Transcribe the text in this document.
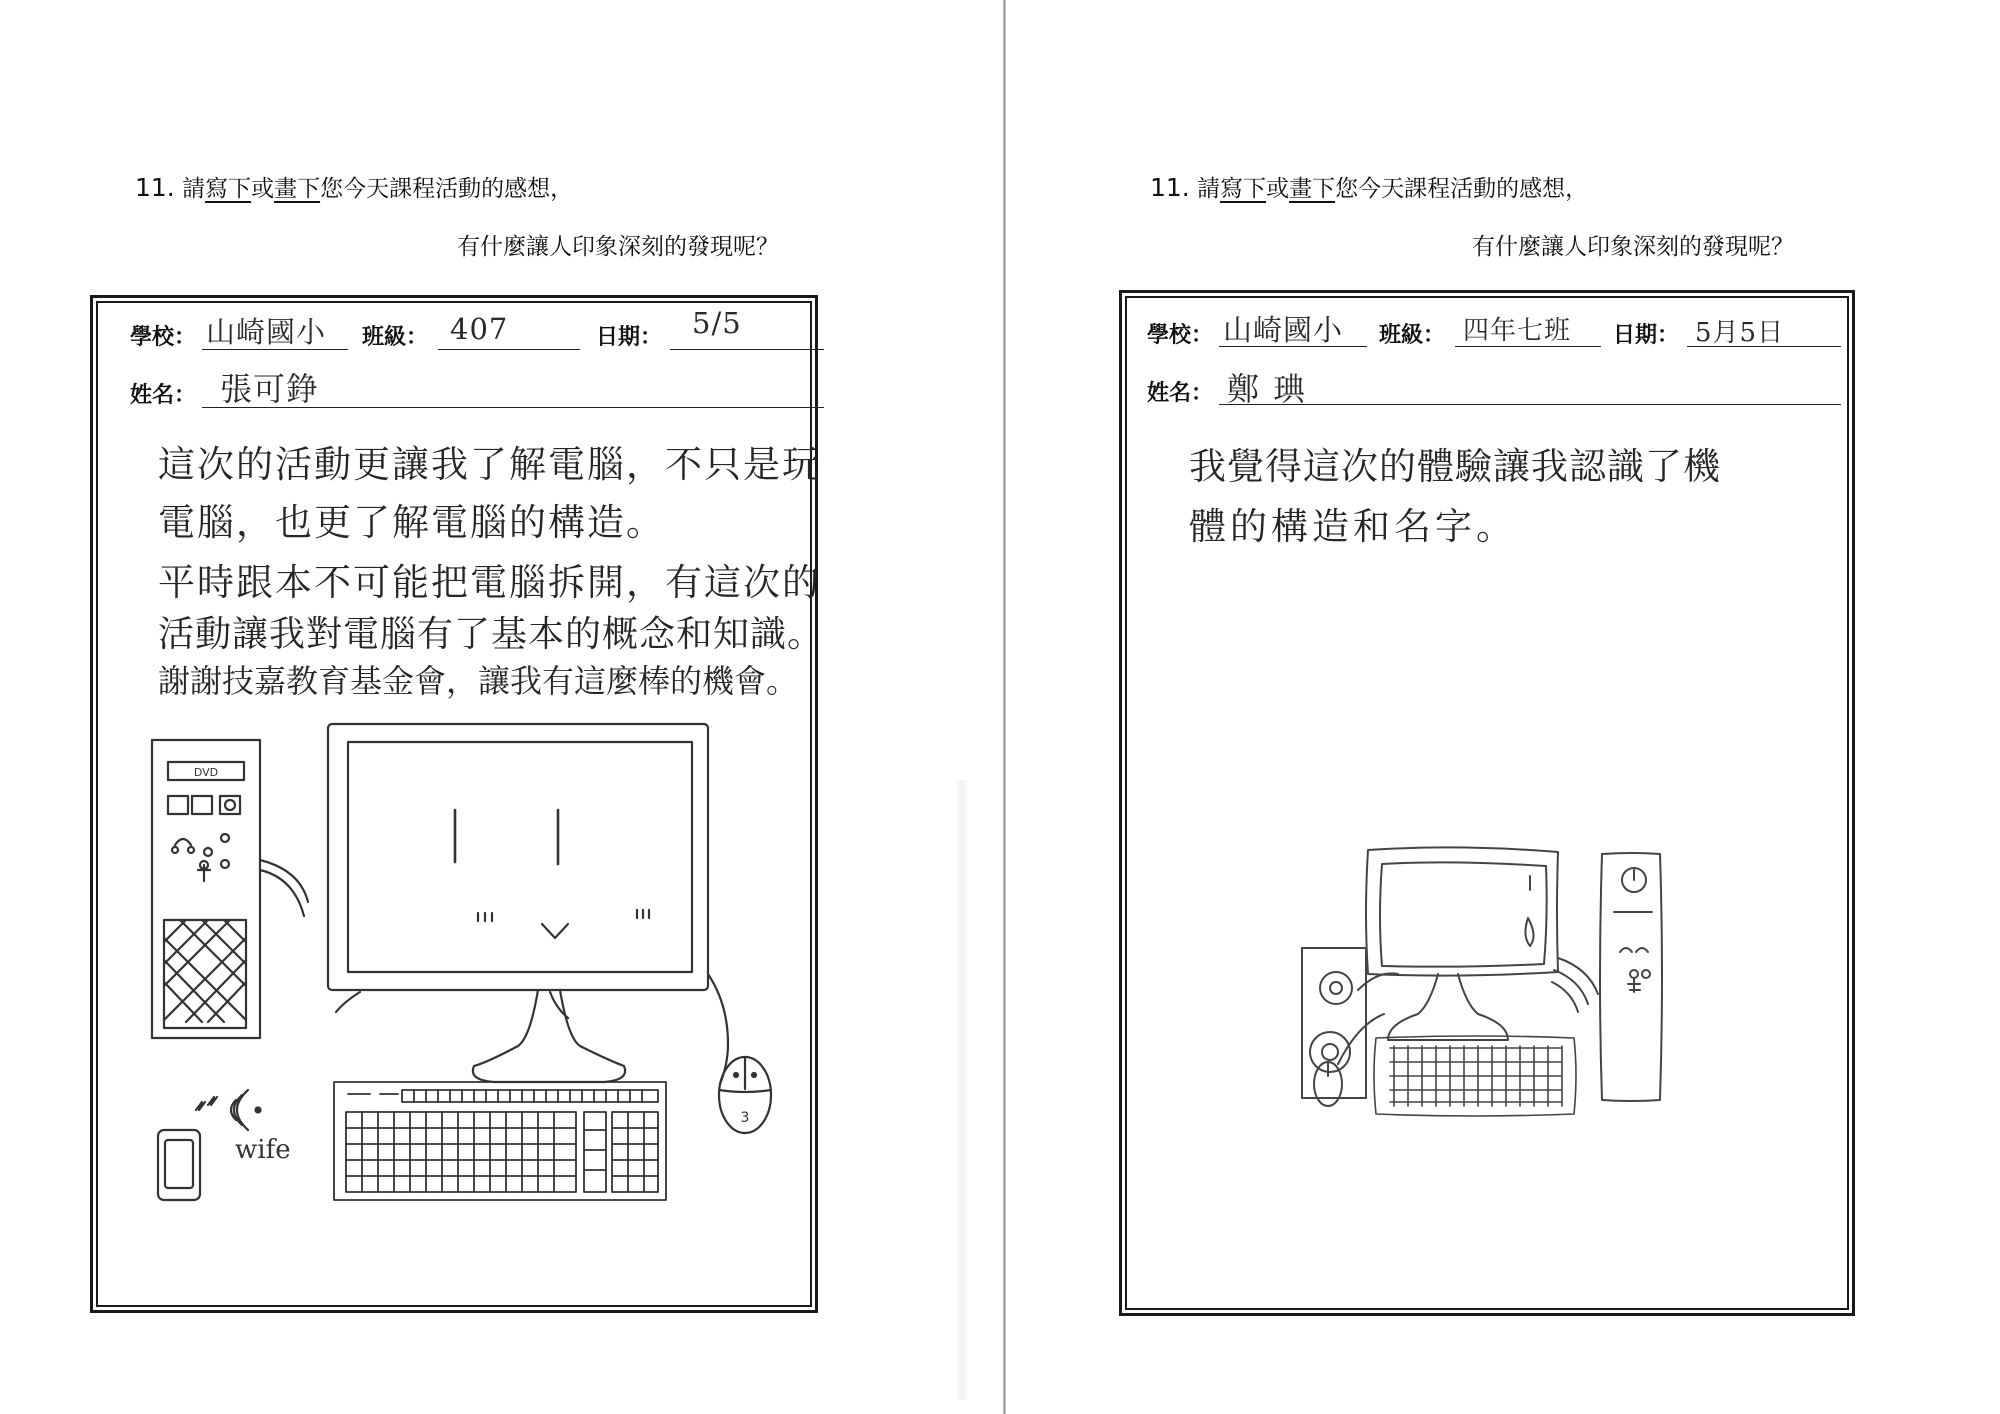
11. 請寫下或畫下您今天課程活動的感想，
有什麼讓人印象深刻的發現呢？
學校： 山崎國小 班級： 407	日期： 5/5
姓名： 張可錚
這次的活動更讓我了解電腦，不只是玩
電腦，也更了解電腦的構造。
平時跟本不可能把電腦拆開，有這次的
活動讓我對電腦有了基本的概念和知識。
謝謝技嘉教育基金會，讓我有這麼棒的機會。
DVD
3
wife
11. 請寫下或畫下您今天課程活動的感想，
有什麼讓人印象深刻的發現呢？
學校： 山崎國小 班級： 四年七班 日期： 5月5日
姓名： 鄭琠
我覺得這次的體驗讓我認識了機
體的構造和名字。
